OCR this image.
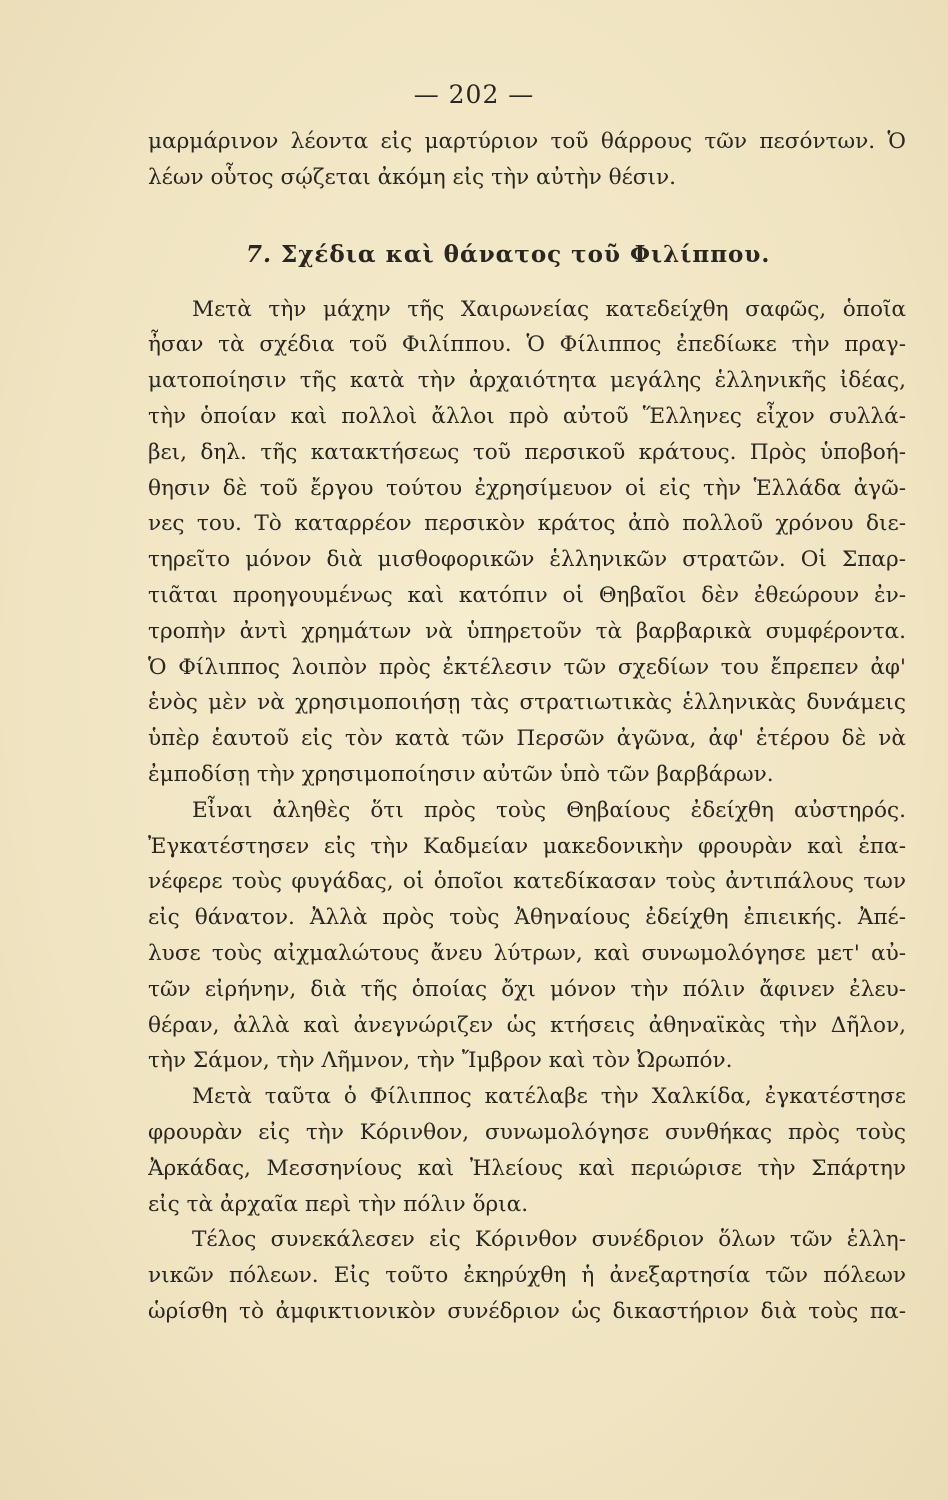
— 202 —
μαρμάρινον λέοντα εἰς μαρτύριον τοῦ θάρρους τῶν πεσόντων. Ὁ
λέων οὗτος σῴζεται ἀκόμη εἰς τὴν αὐτὴν θέσιν.
7. Σχέδια καὶ θάνατος τοῦ Φιλίππου.
Μετὰ τὴν μάχην τῆς Χαιρωνείας κατεδείχθη σαφῶς, ὁποῖα
ἦσαν τὰ σχέδια τοῦ Φιλίππου. Ὁ Φίλιππος ἐπεδίωκε τὴν πραγ-
ματοποίησιν τῆς κατὰ τὴν ἀρχαιότητα μεγάλης ἑλληνικῆς ἰδέας,
τὴν ὁποίαν καὶ πολλοὶ ἄλλοι πρὸ αὐτοῦ Ἕλληνες εἶχον συλλά-
βει, δηλ. τῆς κατακτήσεως τοῦ περσικοῦ κράτους. Πρὸς ὑποβοή-
θησιν δὲ τοῦ ἔργου τούτου ἐχρησίμευον οἱ εἰς τὴν Ἑλλάδα ἀγῶ-
νες του. Τὸ καταρρέον περσικὸν κράτος ἀπὸ πολλοῦ χρόνου διε-
τηρεῖτο μόνον διὰ μισθοφορικῶν ἑλληνικῶν στρατῶν. Οἱ Σπαρ-
τιᾶται προηγουμένως καὶ κατόπιν οἱ Θηβαῖοι δὲν ἐθεώρουν ἐν-
τροπὴν ἀντὶ χρημάτων νὰ ὑπηρετοῦν τὰ βαρβαρικὰ συμφέροντα.
Ὁ Φίλιππος λοιπὸν πρὸς ἐκτέλεσιν τῶν σχεδίων του ἔπρεπεν ἀφ'
ἑνὸς μὲν νὰ χρησιμοποιήσῃ τὰς στρατιωτικὰς ἑλληνικὰς δυνάμεις
ὑπὲρ ἑαυτοῦ εἰς τὸν κατὰ τῶν Περσῶν ἀγῶνα, ἀφ' ἑτέρου δὲ νὰ
ἐμποδίσῃ τὴν χρησιμοποίησιν αὐτῶν ὑπὸ τῶν βαρβάρων.
Εἶναι ἀληθὲς ὅτι πρὸς τοὺς Θηβαίους ἐδείχθη αὐστηρός.
Ἐγκατέστησεν εἰς τὴν Καδμείαν μακεδονικὴν φρουρὰν καὶ ἐπα-
νέφερε τοὺς φυγάδας, οἱ ὁποῖοι κατεδίκασαν τοὺς ἀντιπάλους των
εἰς θάνατον. Ἀλλὰ πρὸς τοὺς Ἀθηναίους ἐδείχθη ἐπιεικής. Ἀπέ-
λυσε τοὺς αἰχμαλώτους ἄνευ λύτρων, καὶ συνωμολόγησε μετ' αὐ-
τῶν εἰρήνην, διὰ τῆς ὁποίας ὄχι μόνον τὴν πόλιν ἄφινεν ἐλευ-
θέραν, ἀλλὰ καὶ ἀνεγνώριζεν ὡς κτήσεις ἀθηναϊκὰς τὴν Δῆλον,
τὴν Σάμον, τὴν Λῆμνον, τὴν Ἴμβρον καὶ τὸν Ὠρωπόν.
Μετὰ ταῦτα ὁ Φίλιππος κατέλαβε τὴν Χαλκίδα, ἐγκατέστησε
φρουρὰν εἰς τὴν Κόρινθον, συνωμολόγησε συνθήκας πρὸς τοὺς
Ἀρκάδας, Μεσσηνίους καὶ Ἠλείους καὶ περιώρισε τὴν Σπάρτην
εἰς τὰ ἀρχαῖα περὶ τὴν πόλιν ὅρια.
Τέλος συνεκάλεσεν εἰς Κόρινθον συνέδριον ὅλων τῶν ἑλλη-
νικῶν πόλεων. Εἰς τοῦτο ἐκηρύχθη ἡ ἀνεξαρτησία τῶν πόλεων
ὡρίσθη τὸ ἀμφικτιονικὸν συνέδριον ὡς δικαστήριον διὰ τοὺς πα-
